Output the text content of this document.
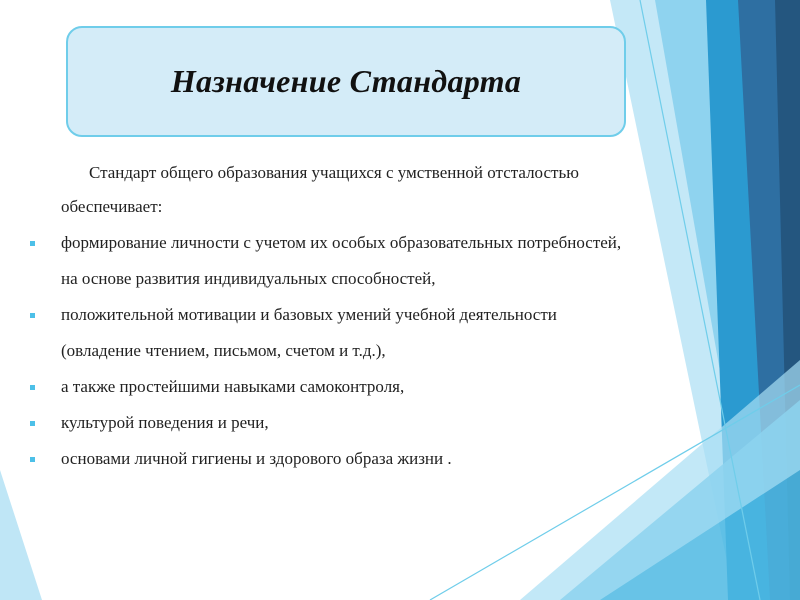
Назначение Стандарта
Стандарт общего образования учащихся с умственной отсталостью
обеспечивает:
формирование личности с учетом их особых образовательных потребностей,
на основе развития индивидуальных способностей,
положительной мотивации и базовых умений учебной деятельности
(овладение чтением, письмом, счетом и т.д.),
а также простейшими навыками самоконтроля,
культурой поведения и речи,
основами личной гигиены и здорового образа жизни .
